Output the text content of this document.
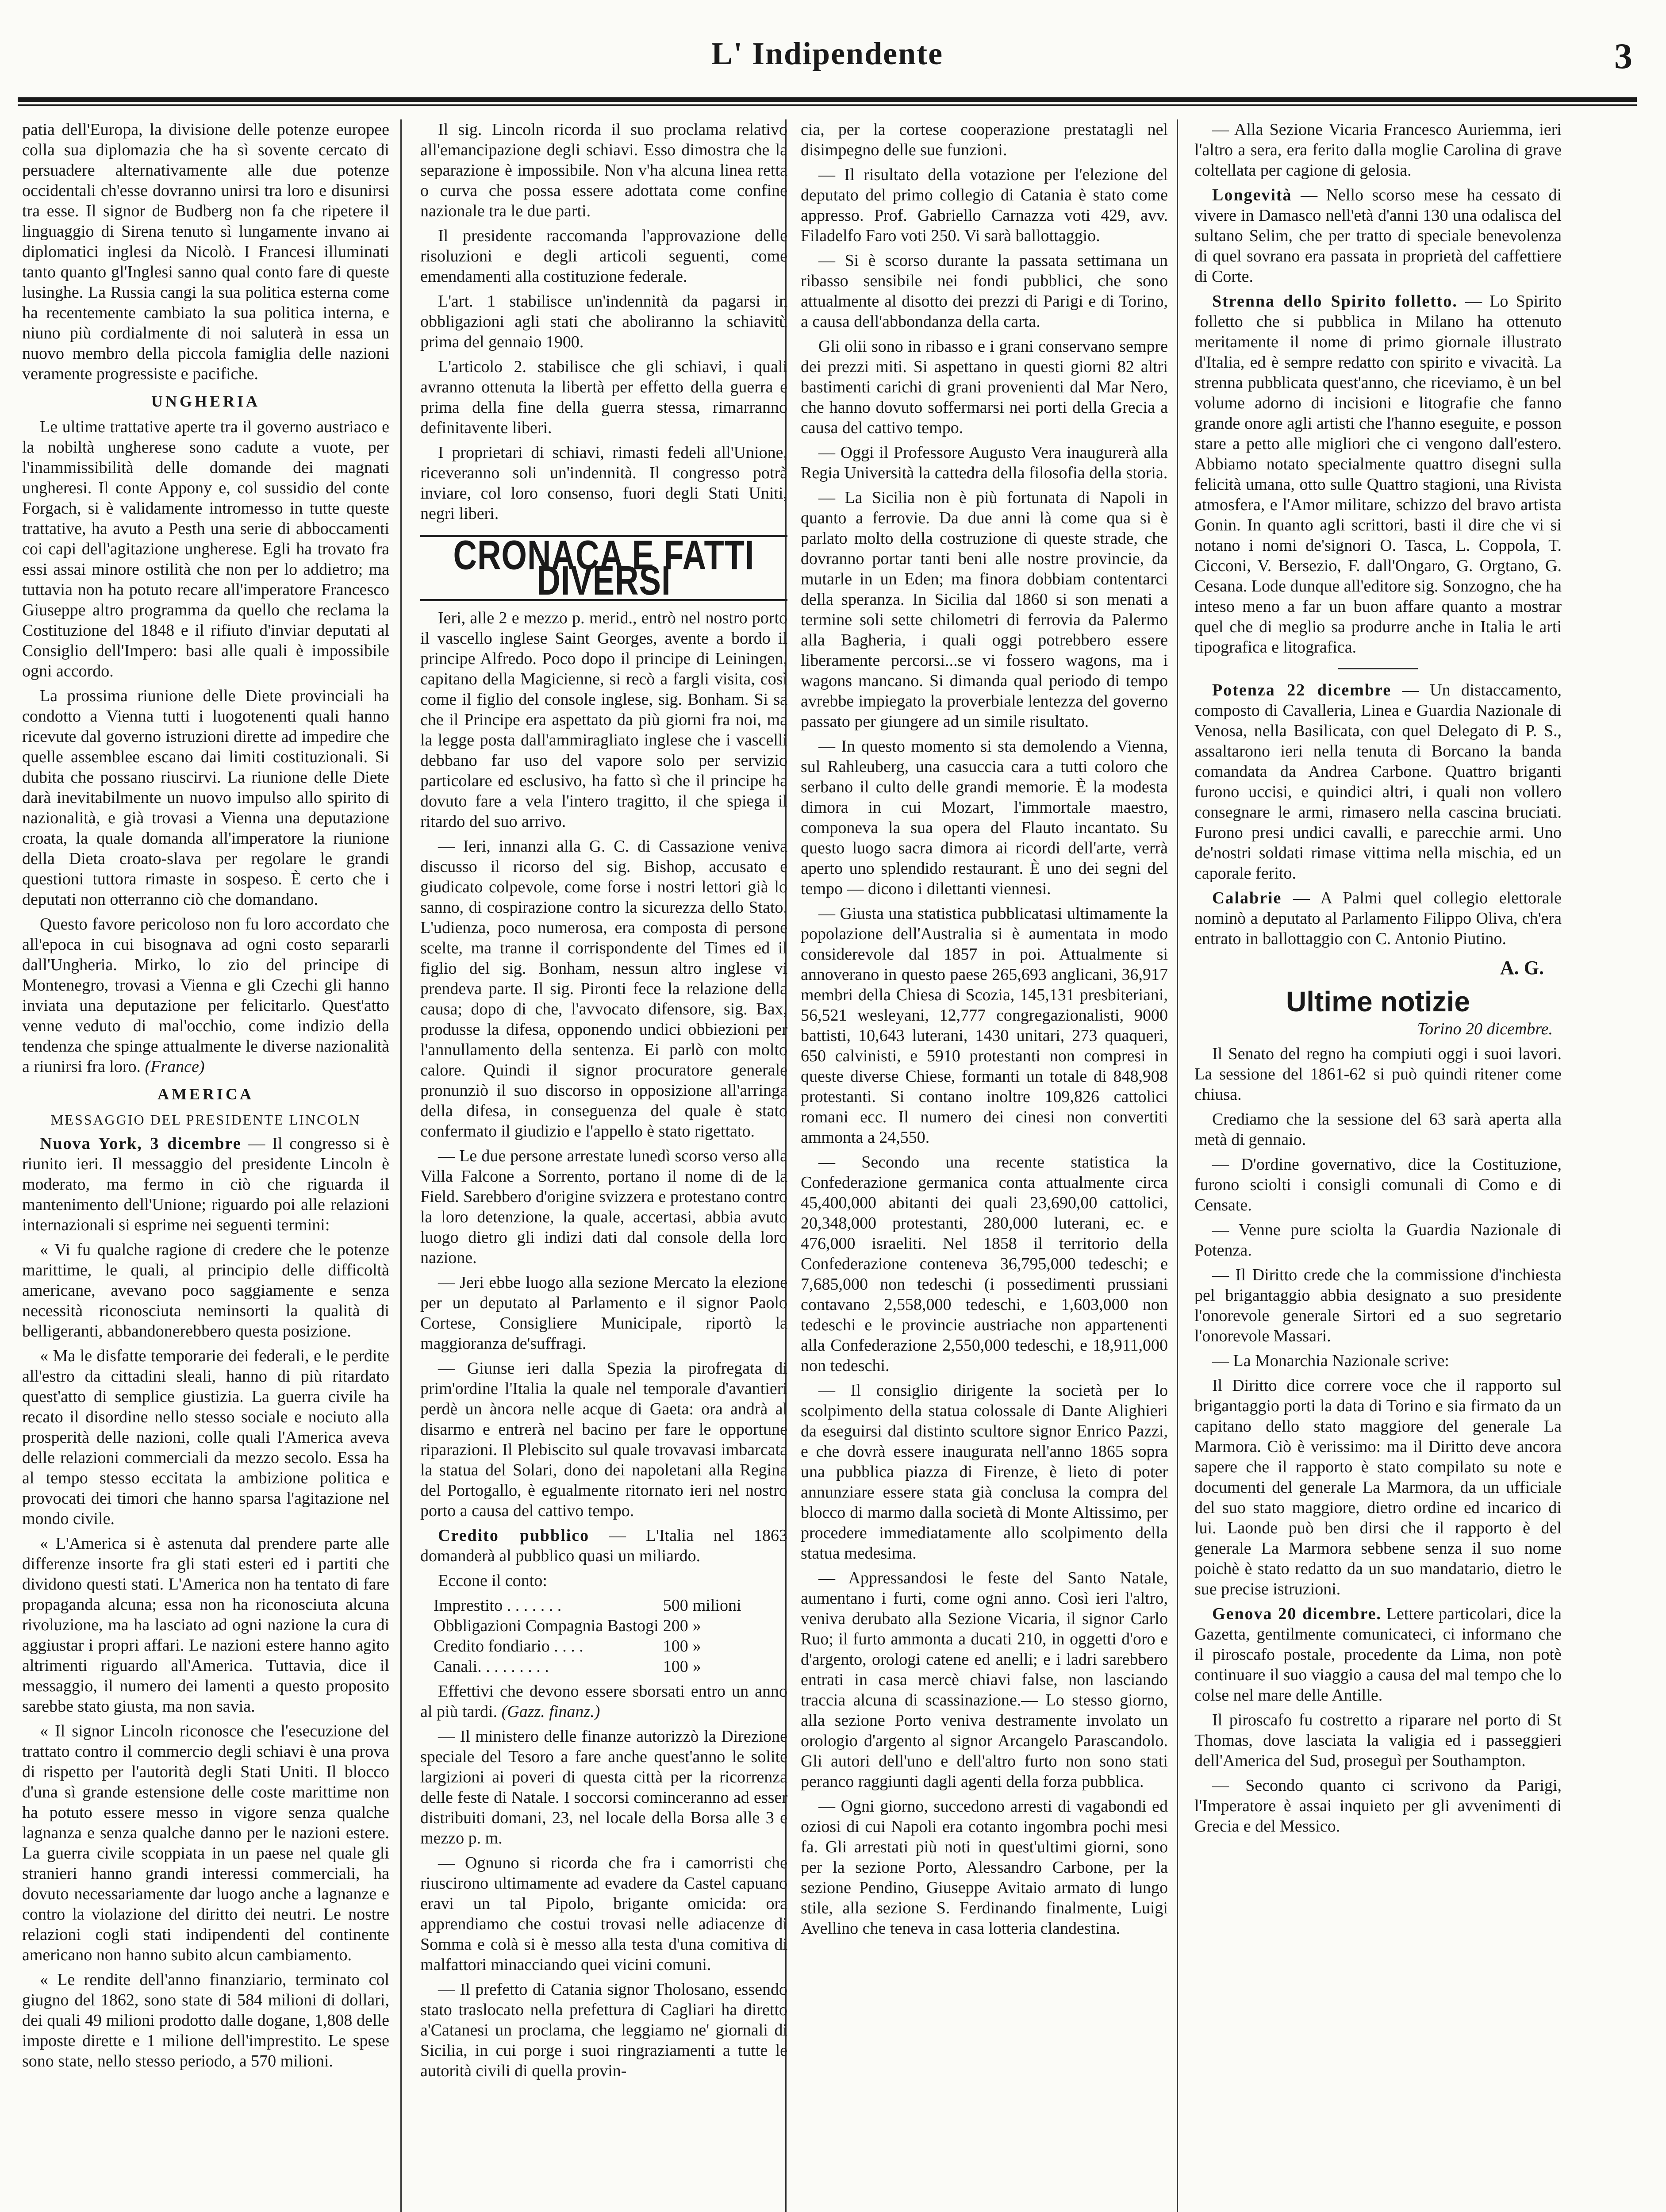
L' Indipendente	3

patia dell'Europa, la divisione delle potenze europee colla sua diplomazia che ha sì sovente cercato di persuadere alternativamente alle due potenze occidentali ch'esse dovranno unirsi tra loro e disunirsi tra esse. Il signor de Budberg non fa che ripetere il linguaggio di Sirena tenuto sì lungamente invano ai diplomatici inglesi da Nicolò. I Francesi illuminati tanto quanto gl'Inglesi sanno qual conto fare di queste lusinghe. La Russia cangi la sua politica esterna come ha recentemente cambiato la sua politica interna, e niuno più cordialmente di noi saluterà in essa un nuovo membro della piccola famiglia delle nazioni veramente progressiste e pacifiche.

UNGHERIA

Le ultime trattative aperte tra il governo austriaco e la nobiltà ungherese sono cadute a vuote, per l'inammissibilità delle domande dei magnati ungheresi. Il conte Appony e, col sussidio del conte Forgach, si è validamente intromesso in tutte queste trattative, ha avuto a Pesth una serie di abboccamenti coi capi dell'agitazione ungherese. Egli ha trovato fra essi assai minore ostilità che non per lo addietro; ma tuttavia non ha potuto recare all'imperatore Francesco Giuseppe altro programma da quello che reclama la Costituzione del 1848 e il rifiuto d'inviar deputati al Consiglio dell'Impero: basi alle quali è impossibile ogni accordo.

La prossima riunione delle Diete provinciali ha condotto a Vienna tutti i luogotenenti quali hanno ricevute dal governo istruzioni dirette ad impedire che quelle assemblee escano dai limiti costituzionali. Si dubita che possano riuscirvi. La riunione delle Diete darà inevitabilmente un nuovo impulso allo spirito di nazionalità, e già trovasi a Vienna una deputazione croata, la quale domanda all'imperatore la riunione della Dieta croato-slava per regolare le grandi questioni tuttora rimaste in sospeso. È certo che i deputati non otterranno ciò che domandano.

Questo favore pericoloso non fu loro accordato che all'epoca in cui bisognava ad ogni costo separarli dall'Ungheria. Mirko, lo zio del principe di Montenegro, trovasi a Vienna e gli Czechi gli hanno inviata una deputazione per felicitarlo. Quest'atto venne veduto di mal'occhio, come indizio della tendenza che spinge attualmente le diverse nazionalità a riunirsi fra loro. (France)

AMERICA
MESSAGGIO DEL PRESIDENTE LINCOLN

Nuova York, 3 dicembre — Il congresso si è riunito ieri. Il messaggio del presidente Lincoln è moderato, ma fermo in ciò che riguarda il mantenimento dell'Unione; riguardo poi alle relazioni internazionali si esprime nei seguenti termini:

« Vi fu qualche ragione di credere che le potenze marittime, le quali, al principio delle difficoltà americane, avevano poco saggiamente e senza necessità riconosciuta neminsorti la qualità di belligeranti, abbandonerebbero questa posizione.

« Ma le disfatte temporarie dei federali, e le perdite all'estro da cittadini sleali, hanno di più ritardato quest'atto di semplice giustizia. La guerra civile ha recato il disordine nello stesso sociale e nociuto alla prosperità delle nazioni, colle quali l'America aveva delle relazioni commerciali da mezzo secolo. Essa ha al tempo stesso eccitata la ambizione politica e provocati dei timori che hanno sparsa l'agitazione nel mondo civile.

« L'America si è astenuta dal prendere parte alle differenze insorte fra gli stati esteri ed i partiti che dividono questi stati. L'America non ha tentato di fare propaganda alcuna; essa non ha riconosciuta alcuna rivoluzione, ma ha lasciato ad ogni nazione la cura di aggiustar i propri affari. Le nazioni estere hanno agito altrimenti riguardo all'America. Tuttavia, dice il messaggio, il numero dei lamenti a questo proposito sarebbe stato giusta, ma non savia.

« Il signor Lincoln riconosce che l'esecuzione del trattato contro il commercio degli schiavi è una prova di rispetto per l'autorità degli Stati Uniti. Il blocco d'una sì grande estensione delle coste marittime non ha potuto essere messo in vigore senza qualche lagnanza e senza qualche danno per le nazioni estere. La guerra civile scoppiata in un paese nel quale gli stranieri hanno grandi interessi commerciali, ha dovuto necessariamente dar luogo anche a lagnanze e contro la violazione del diritto dei neutri. Le nostre relazioni cogli stati indipendenti del continente americano non hanno subito alcun cambiamento.

« Le rendite dell'anno finanziario, terminato col giugno del 1862, sono state di 584 milioni di dollari, dei quali 49 milioni prodotto dalle dogane, 1,808 delle imposte dirette e 1 milione dell'imprestito. Le spese sono state, nello stesso periodo, a 570 milioni.

Il sig. Lincoln ricorda il suo proclama relativo all'emancipazione degli schiavi. Esso dimostra che la separazione è impossibile. Non v'ha alcuna linea retta o curva che possa essere adottata come confine nazionale tra le due parti.

Il presidente raccomanda l'approvazione delle risoluzioni e degli articoli seguenti, come emendamenti alla costituzione federale.

L'art. 1 stabilisce un'indennità da pagarsi in obbligazioni agli stati che aboliranno la schiavitù prima del gennaio 1900.

L'articolo 2. stabilisce che gli schiavi, i quali avranno ottenuta la libertà per effetto della guerra e prima della fine della guerra stessa, rimarranno definitavente liberi.

I proprietari di schiavi, rimasti fedeli all'Unione, riceveranno soli un'indennità. Il congresso potrà inviare, col loro consenso, fuori degli Stati Uniti, negri liberi.

CRONACA E FATTI DIVERSI

Ieri, alle 2 e mezzo p. merid., entrò nel nostro porto il vascello inglese Saint Georges, avente a bordo il principe Alfredo. Poco dopo il principe di Leiningen, capitano della Magicienne, si recò a fargli visita, così come il figlio del console inglese, sig. Bonham. Si sa che il Principe era aspettato da più giorni fra noi, ma la legge posta dall'ammiragliato inglese che i vascelli debbano far uso del vapore solo per servizio particolare ed esclusivo, ha fatto sì che il principe ha dovuto fare a vela l'intero tragitto, il che spiega il ritardo del suo arrivo.

— Ieri, innanzi alla G. C. di Cassazione veniva discusso il ricorso del sig. Bishop, accusato e giudicato colpevole, come forse i nostri lettori già lo sanno, di cospirazione contro la sicurezza dello Stato. L'udienza, poco numerosa, era composta di persone scelte, ma tranne il corrispondente del Times ed il figlio del sig. Bonham, nessun altro inglese vi prendeva parte. Il sig. Pironti fece la relazione della causa; dopo di che, l'avvocato difensore, sig. Bax, produsse la difesa, opponendo undici obbiezioni per l'annullamento della sentenza. Ei parlò con molto calore. Quindi il signor procuratore generale pronunziò il suo discorso in opposizione all'arringa della difesa, in conseguenza del quale è stato confermato il giudizio e l'appello è stato rigettato.

— Le due persone arrestate lunedì scorso verso alla Villa Falcone a Sorrento, portano il nome di de la Field. Sarebbero d'origine svizzera e protestano contro la loro detenzione, la quale, accertasi, abbia avuto luogo dietro gli indizi dati dal console della loro nazione.

— Jeri ebbe luogo alla sezione Mercato la elezione per un deputato al Parlamento e il signor Paolo Cortese, Consigliere Municipale, riportò la maggioranza de'suffragi.

— Giunse ieri dalla Spezia la pirofregata di prim'ordine l'Italia la quale nel temporale d'avantieri perdè un àncora nelle acque di Gaeta: ora andrà al disarmo e entrerà nel bacino per fare le opportune riparazioni. Il Plebiscito sul quale trovavasi imbarcata la statua del Solari, dono dei napoletani alla Regina del Portogallo, è egualmente ritornato ieri nel nostro porto a causa del cattivo tempo.

Credito pubblico — L'Italia nel 1863 domanderà al pubblico quasi un miliardo.

Eccone il conto:

Imprestito . . . . . . .	500	milioni
Obbligazioni Compagnia Bastogi	200	»
Credito fondiario . . . .	100	»
Canali. . . . . . . . .	100	»

Effettivi che devono essere sborsati entro un anno al più tardi. (Gazz. finanz.)

— Il ministero delle finanze autorizzò la Direzione speciale del Tesoro a fare anche quest'anno le solite largizioni ai poveri di questa città per la ricorrenza delle feste di Natale. I soccorsi cominceranno ad esser distribuiti domani, 23, nel locale della Borsa alle 3 e mezzo p. m.

— Ognuno si ricorda che fra i camorristi che riuscirono ultimamente ad evadere da Castel capuano eravi un tal Pipolo, brigante omicida: ora apprendiamo che costui trovasi nelle adiacenze di Somma e colà si è messo alla testa d'una comitiva di malfattori minacciando quei vicini comuni.

— Il prefetto di Catania signor Tholosano, essendo stato traslocato nella prefettura di Cagliari ha diretto a'Catanesi un proclama, che leggiamo ne' giornali di Sicilia, in cui porge i suoi ringraziamenti a tutte le autorità civili di quella provin-

cia, per la cortese cooperazione prestatagli nel disimpegno delle sue funzioni.

— Il risultato della votazione per l'elezione del deputato del primo collegio di Catania è stato come appresso. Prof. Gabriello Carnazza voti 429, avv. Filadelfo Faro voti 250. Vi sarà ballottaggio.

— Si è scorso durante la passata settimana un ribasso sensibile nei fondi pubblici, che sono attualmente al disotto dei prezzi di Parigi e di Torino, a causa dell'abbondanza della carta.

Gli olii sono in ribasso e i grani conservano sempre dei prezzi miti. Si aspettano in questi giorni 82 altri bastimenti carichi di grani provenienti dal Mar Nero, che hanno dovuto soffermarsi nei porti della Grecia a causa del cattivo tempo.

— Oggi il Professore Augusto Vera inaugurerà alla Regia Università la cattedra della filosofia della storia.

— La Sicilia non è più fortunata di Napoli in quanto a ferrovie. Da due anni là come qua si è parlato molto della costruzione di queste strade, che dovranno portar tanti beni alle nostre provincie, da mutarle in un Eden; ma finora dobbiam contentarci della speranza. In Sicilia dal 1860 si son menati a termine soli sette chilometri di ferrovia da Palermo alla Bagheria, i quali oggi potrebbero essere liberamente percorsi...se vi fossero wagons, ma i wagons mancano. Si dimanda qual periodo di tempo avrebbe impiegato la proverbiale lentezza del governo passato per giungere ad un simile risultato.

— In questo momento si sta demolendo a Vienna, sul Rahleuberg, una casuccia cara a tutti coloro che serbano il culto delle grandi memorie. È la modesta dimora in cui Mozart, l'immortale maestro, componeva la sua opera del Flauto incantato. Su questo luogo sacra dimora ai ricordi dell'arte, verrà aperto uno splendido restaurant. È uno dei segni del tempo — dicono i dilettanti viennesi.

— Giusta una statistica pubblicatasi ultimamente la popolazione dell'Australia si è aumentata in modo considerevole dal 1857 in poi. Attualmente si annoverano in questo paese 265,693 anglicani, 36,917 membri della Chiesa di Scozia, 145,131 presbiteriani, 56,521 wesleyani, 12,777 congregazionalisti, 9000 battisti, 10,643 luterani, 1430 unitari, 273 quaqueri, 650 calvinisti, e 5910 protestanti non compresi in queste diverse Chiese, formanti un totale di 848,908 protestanti. Si contano inoltre 109,826 cattolici romani ecc. Il numero dei cinesi non convertiti ammonta a 24,550.

— Secondo una recente statistica la Confederazione germanica conta attualmente circa 45,400,000 abitanti dei quali 23,690,00 cattolici, 20,348,000 protestanti, 280,000 luterani, ec. e 476,000 israeliti. Nel 1858 il territorio della Confederazione conteneva 36,795,000 tedeschi; e 7,685,000 non tedeschi (i possedimenti prussiani contavano 2,558,000 tedeschi, e 1,603,000 non tedeschi e le provincie austriache non appartenenti alla Confederazione 2,550,000 tedeschi, e 18,911,000 non tedeschi.

— Il consiglio dirigente la società per lo scolpimento della statua colossale di Dante Alighieri da eseguirsi dal distinto scultore signor Enrico Pazzi, e che dovrà essere inaugurata nell'anno 1865 sopra una pubblica piazza di Firenze, è lieto di poter annunziare essere stata già conclusa la compra del blocco di marmo dalla società di Monte Altissimo, per procedere immediatamente allo scolpimento della statua medesima.

— Appressandosi le feste del Santo Natale, aumentano i furti, come ogni anno. Così ieri l'altro, veniva derubato alla Sezione Vicaria, il signor Carlo Ruo; il furto ammonta a ducati 210, in oggetti d'oro e d'argento, orologi catene ed anelli; e i ladri sarebbero entrati in casa mercè chiavi false, non lasciando traccia alcuna di scassinazione.— Lo stesso giorno, alla sezione Porto veniva destramente involato un orologio d'argento al signor Arcangelo Parascandolo. Gli autori dell'uno e dell'altro furto non sono stati peranco raggiunti dagli agenti della forza pubblica.

— Ogni giorno, succedono arresti di vagabondi ed oziosi di cui Napoli era cotanto ingombra pochi mesi fa. Gli arrestati più noti in quest'ultimi giorni, sono per la sezione Porto, Alessandro Carbone, per la sezione Pendino, Giuseppe Avitaio armato di lungo stile, alla sezione S. Ferdinando finalmente, Luigi Avellino che teneva in casa lotteria clandestina.

— Alla Sezione Vicaria Francesco Auriemma, ieri l'altro a sera, era ferito dalla moglie Carolina di grave coltellata per cagione di gelosia.

Longevità — Nello scorso mese ha cessato di vivere in Damasco nell'età d'anni 130 una odalisca del sultano Selim, che per tratto di speciale benevolenza di quel sovrano era passata in proprietà del caffettiere di Corte.

Strenna dello Spirito folletto. — Lo Spirito folletto che si pubblica in Milano ha ottenuto meritamente il nome di primo giornale illustrato d'Italia, ed è sempre redatto con spirito e vivacità. La strenna pubblicata quest'anno, che riceviamo, è un bel volume adorno di incisioni e litografie che fanno grande onore agli artisti che l'hanno eseguite, e posson stare a petto alle migliori che ci vengono dall'estero. Abbiamo notato specialmente quattro disegni sulla felicità umana, otto sulle Quattro stagioni, una Rivista atmosfera, e l'Amor militare, schizzo del bravo artista Gonin. In quanto agli scrittori, basti il dire che vi si notano i nomi de'signori O. Tasca, L. Coppola, T. Cicconi, V. Bersezio, F. dall'Ongaro, G. Orgtano, G. Cesana. Lode dunque all'editore sig. Sonzogno, che ha inteso meno a far un buon affare quanto a mostrar quel che di meglio sa produrre anche in Italia le arti tipografica e litografica.

Potenza 22 dicembre — Un distaccamento, composto di Cavalleria, Linea e Guardia Nazionale di Venosa, nella Basilicata, con quel Delegato di P. S., assaltarono ieri nella tenuta di Borcano la banda comandata da Andrea Carbone. Quattro briganti furono uccisi, e quindici altri, i quali non vollero consegnare le armi, rimasero nella cascina bruciati. Furono presi undici cavalli, e parecchie armi. Uno de'nostri soldati rimase vittima nella mischia, ed un caporale ferito.

Calabrie — A Palmi quel collegio elettorale nominò a deputato al Parlamento Filippo Oliva, ch'era entrato in ballottaggio con C. Antonio Piutino.

A. G.
Ultime notizie
Torino 20 dicembre.

Il Senato del regno ha compiuti oggi i suoi lavori. La sessione del 1861-62 si può quindi ritener come chiusa.

Crediamo che la sessione del 63 sarà aperta alla metà di gennaio.

— D'ordine governativo, dice la Costituzione, furono sciolti i consigli comunali di Como e di Censate.

— Venne pure sciolta la Guardia Nazionale di Potenza.

— Il Diritto crede che la commissione d'inchiesta pel brigantaggio abbia designato a suo presidente l'onorevole generale Sirtori ed a suo segretario l'onorevole Massari.

— La Monarchia Nazionale scrive:

Il Diritto dice correre voce che il rapporto sul brigantaggio porti la data di Torino e sia firmato da un capitano dello stato maggiore del generale La Marmora. Ciò è verissimo: ma il Diritto deve ancora sapere che il rapporto è stato compilato su note e documenti del generale La Marmora, da un ufficiale del suo stato maggiore, dietro ordine ed incarico di lui. Laonde può ben dirsi che il rapporto è del generale La Marmora sebbene senza il suo nome poichè è stato redatto da un suo mandatario, dietro le sue precise istruzioni.

Genova 20 dicembre. Lettere particolari, dice la Gazetta, gentilmente comunicateci, ci informano che il piroscafo postale, procedente da Lima, non potè continuare il suo viaggio a causa del mal tempo che lo colse nel mare delle Antille.

Il piroscafo fu costretto a riparare nel porto di St Thomas, dove lasciata la valigia ed i passeggieri dell'America del Sud, proseguì per Southampton.

— Secondo quanto ci scrivono da Parigi, l'Imperatore è assai inquieto per gli avvenimenti di Grecia e del Messico.
